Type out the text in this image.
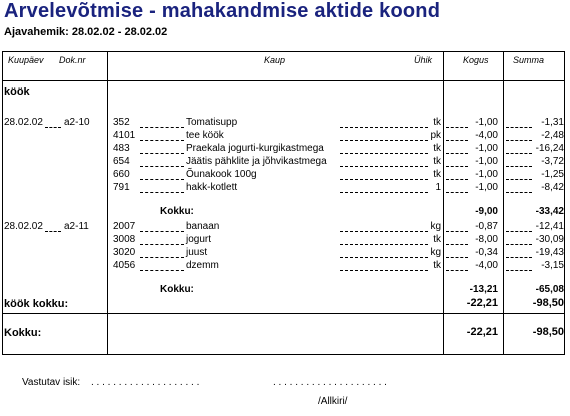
Arvelevõtmise - mahakandmise aktide koond
Ajavahemik: 28.02.02 - 28.02.02
Kuupäev Dok.nr	Kaup	Ühik	Kogus	Summa
köök
28.02.02 a2-10 352	Tomatisupp	tk	-1,00	-1,31
4101	tee köök	pk	-4,00	-2,48
483	Praekala jogurti-kurgikastmega	tk	-1,00	-16,24
654	Jäätis pähklite ja jõhvikastmega	tk	-1,00	-3,72
660	Õunakook 100g	tk	-1,00	-1,25
791	hakk-kotlett	1	-1,00	-8,42
Kokku:	-9,00	-33,42
28.02.02 a2-11 2007	banaan	kg	-0,87	-12,41
3008	jogurt	tk	-8,00	-30,09
3020	juust	kg	-0,34	-19,43
4056	dzemm	tk	-4,00	-3,15
Kokku:	-13,21	-65,08
köök kokku:	-22,21	-98,50
Kokku:	-22,21	-98,50
Vastutav isik: . . . . . . . . . . . . . . . . . . . .	. . . . . . . . . . . . . . . . . . . . .
/Allkiri/
